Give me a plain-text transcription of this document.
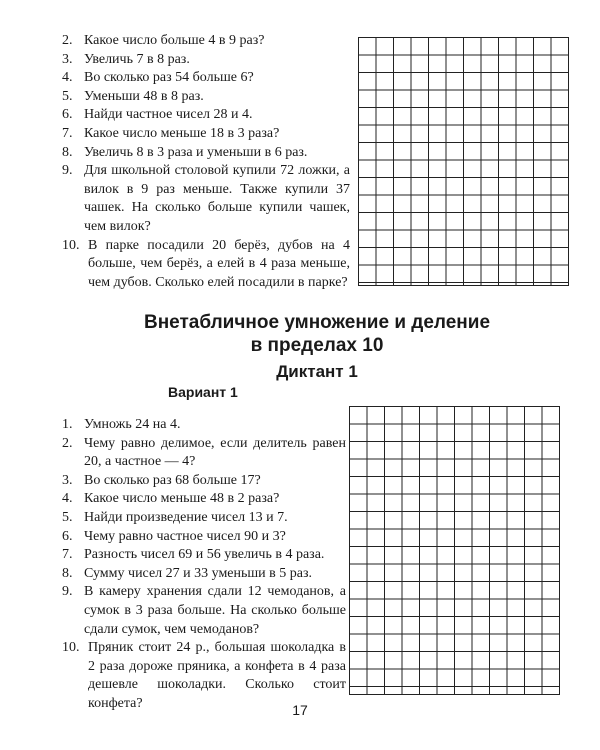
2. Какое число больше 4 в 9 раз?
3. Увеличь 7 в 8 раз.
4. Во сколько раз 54 больше 6?
5. Уменьши 48 в 8 раз.
6. Найди частное чисел 28 и 4.
7. Какое число меньше 18 в 3 раза?
8. Увеличь 8 в 3 раза и уменьши в 6 раз.
9. Для школьной столовой купили 72 ложки, а вилок в 9 раз меньше. Также купили 37 чашек. На сколько больше купили чашек, чем вилок?
10. В парке посадили 20 берёз, дубов на 4 больше, чем берёз, а елей в 4 раза меньше, чем дубов. Сколько елей посадили в парке?
Внетабличное умножение и деление
в пределах 10
Диктант 1
Вариант 1
1. Умножь 24 на 4.
2. Чему равно делимое, если делитель равен 20, а частное — 4?
3. Во сколько раз 68 больше 17?
4. Какое число меньше 48 в 2 раза?
5. Найди произведение чисел 13 и 7.
6. Чему равно частное чисел 90 и 3?
7. Разность чисел 69 и 56 увеличь в 4 раза.
8. Сумму чисел 27 и 33 уменьши в 5 раз.
9. В камеру хранения сдали 12 чемоданов, а сумок в 3 раза больше. На сколько больше сдали сумок, чем чемоданов?
10. Пряник стоит 24 р., большая шоколадка в 2 раза дороже пряника, а конфета в 4 раза дешевле шоколадки. Сколько стоит конфета?	17
